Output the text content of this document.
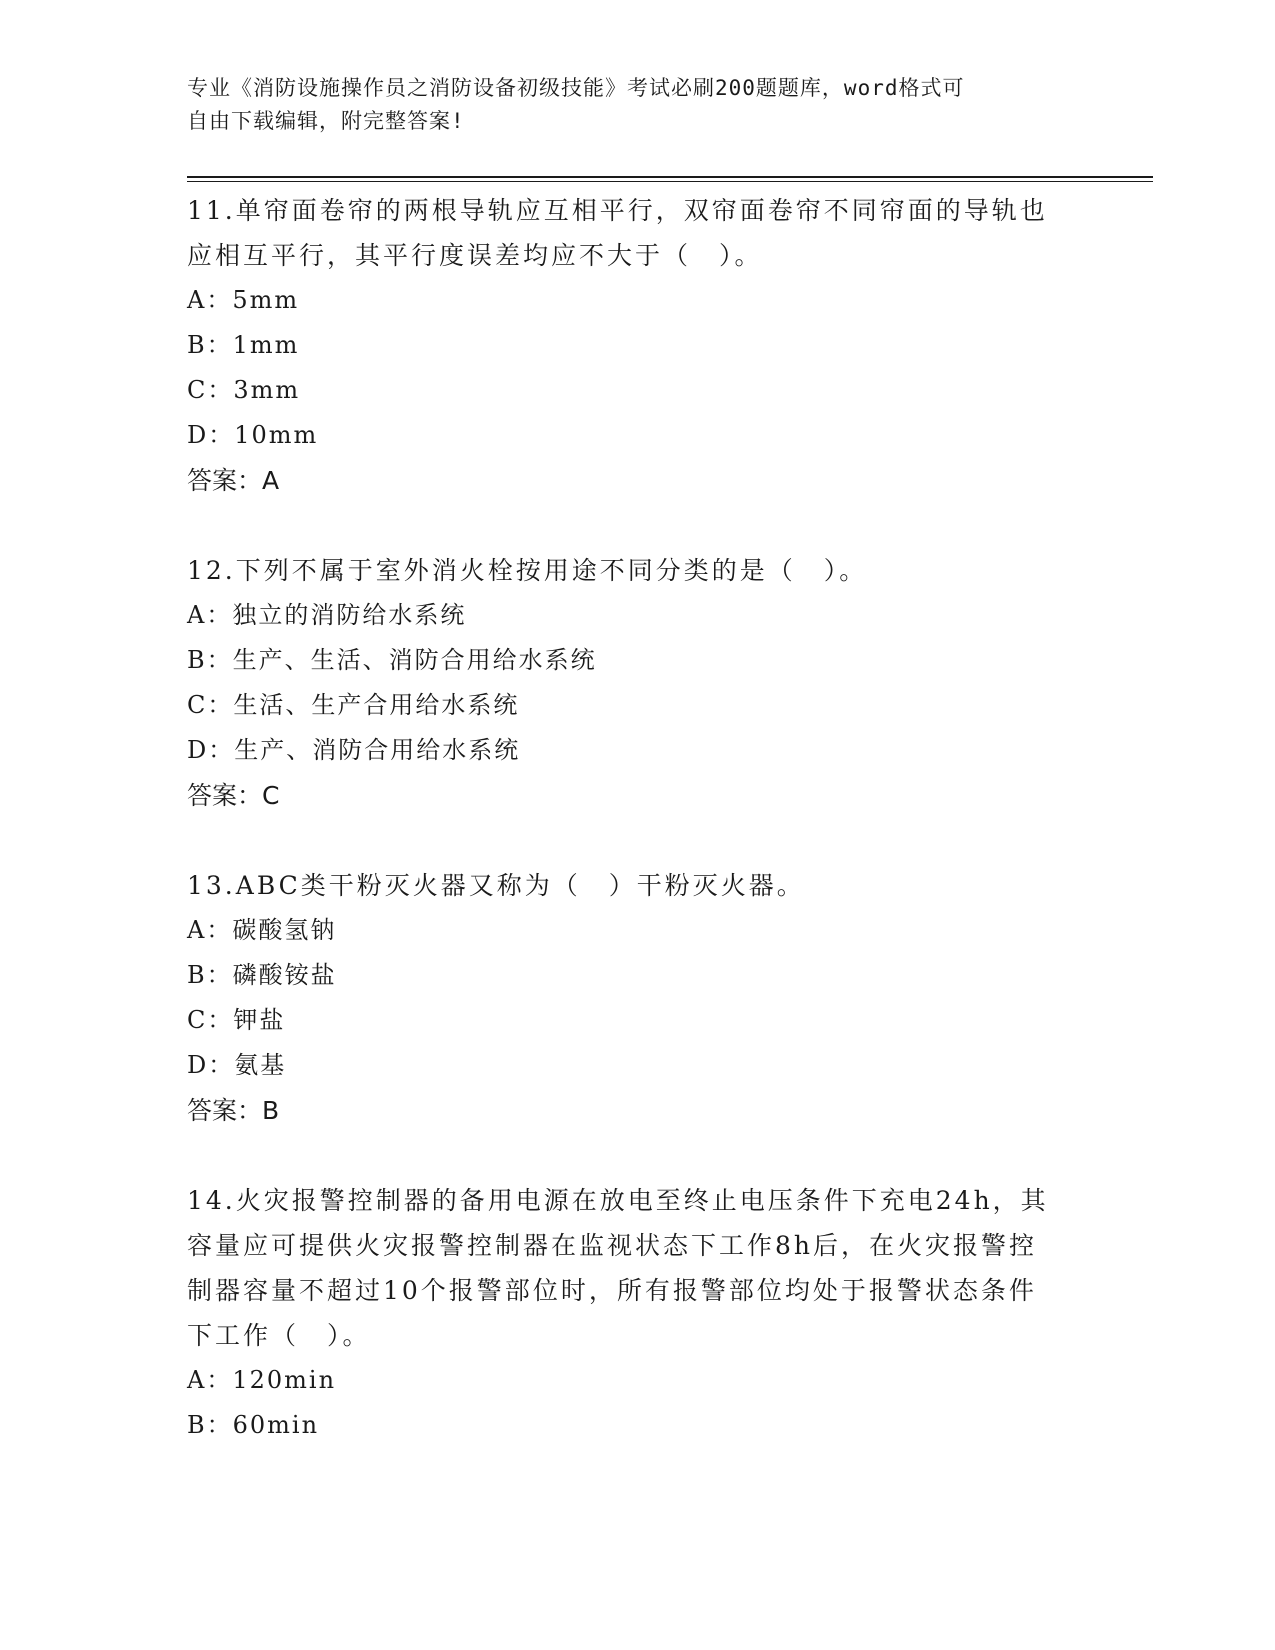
专业《消防设施操作员之消防设备初级技能》考试必刷200题题库，word格式可
自由下载编辑，附完整答案!
11.单帘面卷帘的两根导轨应互相平行，双帘面卷帘不同帘面的导轨也
应相互平行，其平行度误差均应不大于（　）。
A：5mm
B：1mm
C：3mm
D：10mm
答案：A
12.下列不属于室外消火栓按用途不同分类的是（　）。
A：独立的消防给水系统
B：生产、生活、消防合用给水系统
C：生活、生产合用给水系统
D：生产、消防合用给水系统
答案：C
13.ABC类干粉灭火器又称为（　）干粉灭火器。
A：碳酸氢钠
B：磷酸铵盐
C：钾盐
D：氨基
答案：B
14.火灾报警控制器的备用电源在放电至终止电压条件下充电24h，其
容量应可提供火灾报警控制器在监视状态下工作8h后，在火灾报警控
制器容量不超过10个报警部位时，所有报警部位均处于报警状态条件
下工作（　）。
A：120min
B：60min
